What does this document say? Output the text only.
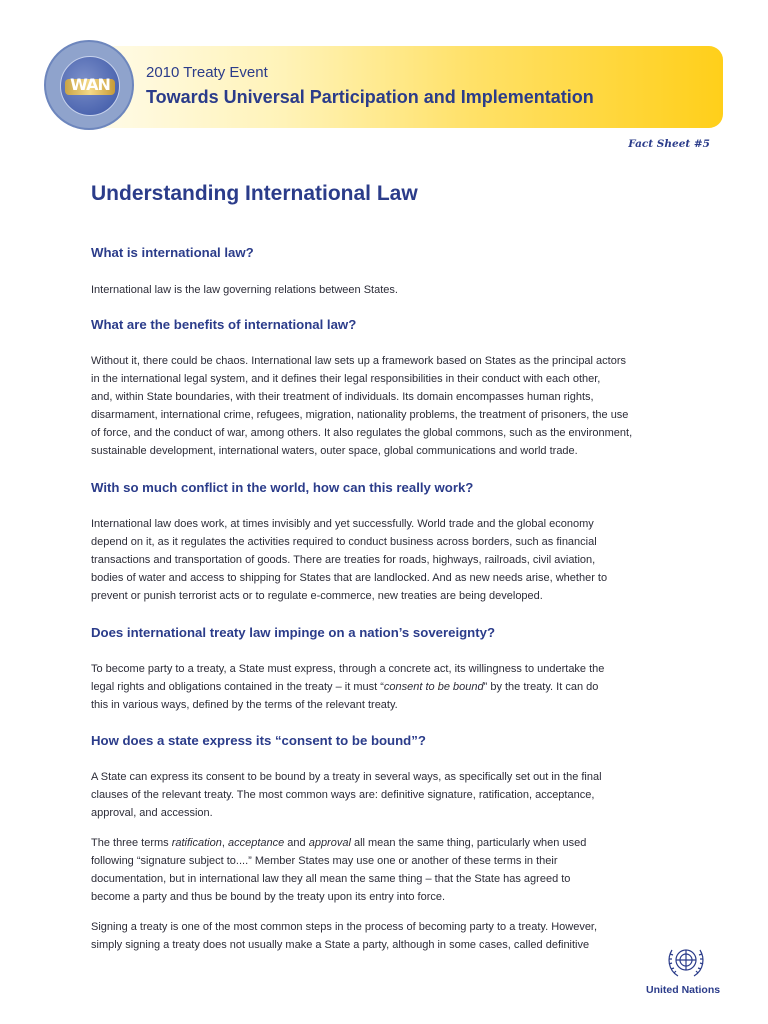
WAN
2010 Treaty Event
Towards Universal Participation and Implementation
Fact Sheet #5
Understanding International Law
What is international law?
International law is the law governing relations between States.
What are the benefits of international law?
Without it, there could be chaos. International law sets up a framework based on States as the principal actors
in the international legal system, and it defines their legal responsibilities in their conduct with each other,
and, within State boundaries, with their treatment of individuals. Its domain encompasses human rights,
disarmament, international crime, refugees, migration, nationality problems, the treatment of prisoners, the use
of force, and the conduct of war, among others. It also regulates the global commons, such as the environment,
sustainable development, international waters, outer space, global communications and world trade.
With so much conflict in the world, how can this really work?
International law does work, at times invisibly and yet successfully. World trade and the global economy
depend on it, as it regulates the activities required to conduct business across borders, such as financial
transactions and transportation of goods. There are treaties for roads, highways, railroads, civil aviation,
bodies of water and access to shipping for States that are landlocked. And as new needs arise, whether to
prevent or punish terrorist acts or to regulate e-commerce, new treaties are being developed.
Does international treaty law impinge on a nation’s sovereignty?
To become party to a treaty, a State must express, through a concrete act, its willingness to undertake the
legal rights and obligations contained in the treaty – it must “consent to be bound” by the treaty. It can do
this in various ways, defined by the terms of the relevant treaty.
How does a state express its “consent to be bound”?
A State can express its consent to be bound by a treaty in several ways, as specifically set out in the final
clauses of the relevant treaty. The most common ways are: definitive signature, ratification, acceptance,
approval, and accession.
The three terms ratification, acceptance and approval all mean the same thing, particularly when used
following “signature subject to....” Member States may use one or another of these terms in their
documentation, but in international law they all mean the same thing – that the State has agreed to
become a party and thus be bound by the treaty upon its entry into force.
Signing a treaty is one of the most common steps in the process of becoming party to a treaty. However,
simply signing a treaty does not usually make a State a party, although in some cases, called definitive
United Nations
